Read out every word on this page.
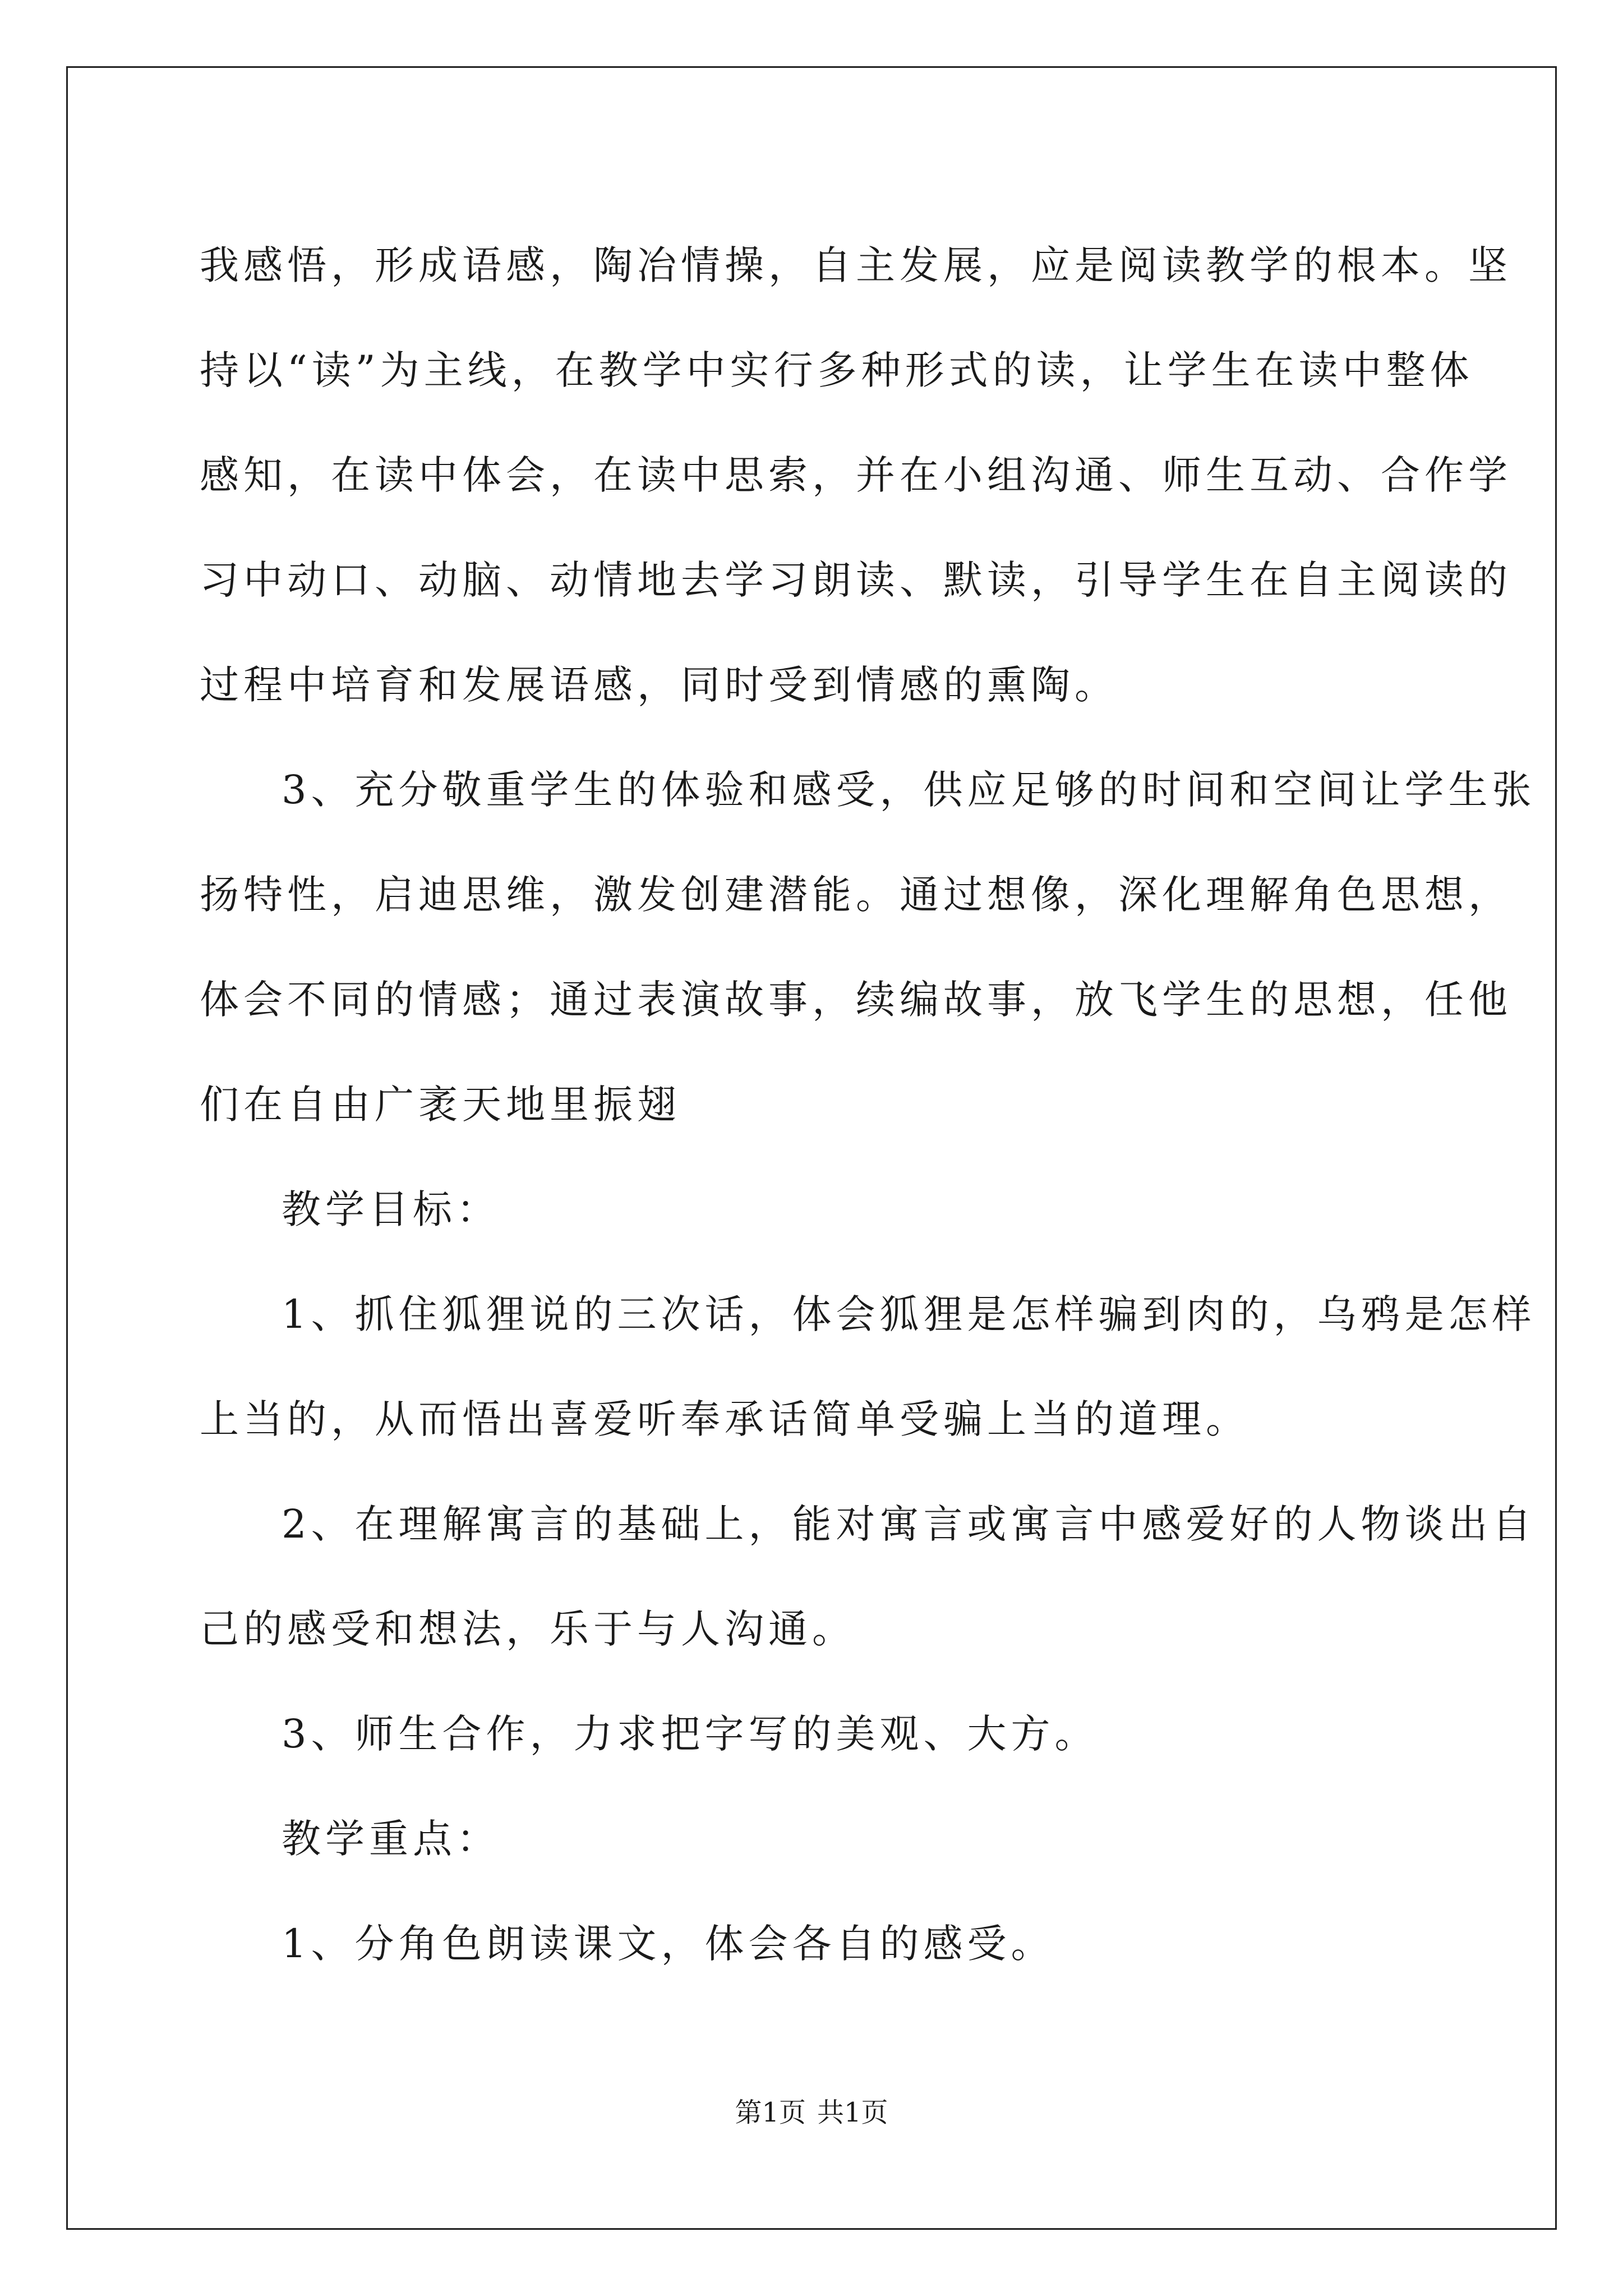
我感悟，形成语感，陶冶情操，自主发展，应是阅读教学的根本。坚
持以“读”为主线，在教学中实行多种形式的读，让学生在读中整体
感知，在读中体会，在读中思索，并在小组沟通、师生互动、合作学
习中动口、动脑、动情地去学习朗读、默读，引导学生在自主阅读的
过程中培育和发展语感，同时受到情感的熏陶。
3、充分敬重学生的体验和感受，供应足够的时间和空间让学生张
扬特性，启迪思维，激发创建潜能。通过想像，深化理解角色思想，
体会不同的情感；通过表演故事，续编故事，放飞学生的思想，任他
们在自由广袤天地里振翅
教学目标：
1、抓住狐狸说的三次话，体会狐狸是怎样骗到肉的，乌鸦是怎样
上当的，从而悟出喜爱听奉承话简单受骗上当的道理。
2、在理解寓言的基础上，能对寓言或寓言中感爱好的人物谈出自
己的感受和想法，乐于与人沟通。
3、师生合作，力求把字写的美观、大方。
教学重点：
1、分角色朗读课文，体会各自的感受。
第1页 共1页
